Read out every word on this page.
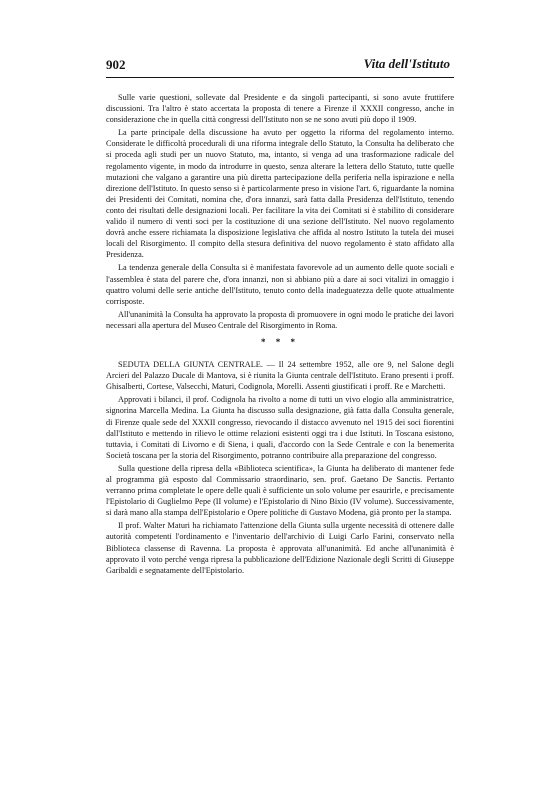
902	Vita dell'Istituto

Sulle varie questioni, sollevate dal Presidente e da singoli partecipanti, si sono avute fruttifere discussioni. Tra l'altro è stato accertata la proposta di tenere a Firenze il XXXII congresso, anche in considerazione che in quella città congressi dell'Istituto non se ne sono avuti più dopo il 1909.

La parte principale della discussione ha avuto per oggetto la riforma del regolamento interno. Considerate le difficoltà procedurali di una riforma integrale dello Statuto, la Consulta ha deliberato che si proceda agli studi per un nuovo Statuto, ma, intanto, si venga ad una trasformazione radicale del regolamento vigente, in modo da introdurre in questo, senza alterare la lettera dello Statuto, tutte quelle mutazioni che valgano a garantire una più diretta partecipazione della periferia nella ispirazione e nella direzione dell'Istituto. In questo senso si è particolarmente preso in visione l'art. 6, riguardante la nomina dei Presidenti dei Comitati, nomina che, d'ora innanzi, sarà fatta dalla Presidenza dell'Istituto, tenendo conto dei risultati delle designazioni locali. Per facilitare la vita dei Comitati si è stabilito di considerare valido il numero di venti soci per la costituzione di una sezione dell'Istituto. Nel nuovo regolamento dovrà anche essere richiamata la disposizione legislativa che affida al nostro Istituto la tutela dei musei locali del Risorgimento. Il compito della stesura definitiva del nuovo regolamento è stato affidato alla Presidenza.

La tendenza generale della Consulta si è manifestata favorevole ad un aumento delle quote sociali e l'assemblea è stata del parere che, d'ora innanzi, non si abbiano più a dare ai soci vitalizi in omaggio i quattro volumi delle serie antiche dell'Istituto, tenuto conto della inadeguatezza delle quote attualmente corrisposte.

All'unanimità la Consulta ha approvato la proposta di promuovere in ogni modo le pratiche dei lavori necessari alla apertura del Museo Centrale del Risorgimento in Roma.

* * *

SEDUTA DELLA GIUNTA CENTRALE. — Il 24 settembre 1952, alle ore 9, nel Salone degli Arcieri del Palazzo Ducale di Mantova, si è riunita la Giunta centrale dell'Istituto. Erano presenti i proff. Ghisalberti, Cortese, Valsecchi, Maturi, Codignola, Morelli. Assenti giustificati i proff. Re e Marchetti.

Approvati i bilanci, il prof. Codignola ha rivolto a nome di tutti un vivo elogio alla amministratrice, signorina Marcella Medina. La Giunta ha discusso sulla designazione, già fatta dalla Consulta generale, di Firenze quale sede del XXXII congresso, rievocando il distacco avvenuto nel 1915 dei soci fiorentini dall'Istituto e mettendo in rilievo le ottime relazioni esistenti oggi tra i due Istituti. In Toscana esistono, tuttavia, i Comitati di Livorno e di Siena, i quali, d'accordo con la Sede Centrale e con la benemerita Società toscana per la storia del Risorgimento, potranno contribuire alla preparazione del congresso.

Sulla questione della ripresa della «Biblioteca scientifica», la Giunta ha deliberato di mantener fede al programma già esposto dal Commissario straordinario, sen. prof. Gaetano De Sanctis. Pertanto verranno prima completate le opere delle quali è sufficiente un solo volume per esaurirle, e precisamente l'Epistolario di Guglielmo Pepe (II volume) e l'Epistolario di Nino Bixio (IV volume). Successivamente, si darà mano alla stampa dell'Epistolario e Opere politiche di Gustavo Modena, già pronto per la stampa.

Il prof. Walter Maturi ha richiamato l'attenzione della Giunta sulla urgente necessità di ottenere dalle autorità competenti l'ordinamento e l'inventario dell'archivio di Luigi Carlo Farini, conservato nella Biblioteca classense di Ravenna. La proposta è approvata all'unanimità. Ed anche all'unanimità è approvato il voto perché venga ripresa la pubblicazione dell'Edizione Nazionale degli Scritti di Giuseppe Garibaldi e segnatamente dell'Epistolario.
